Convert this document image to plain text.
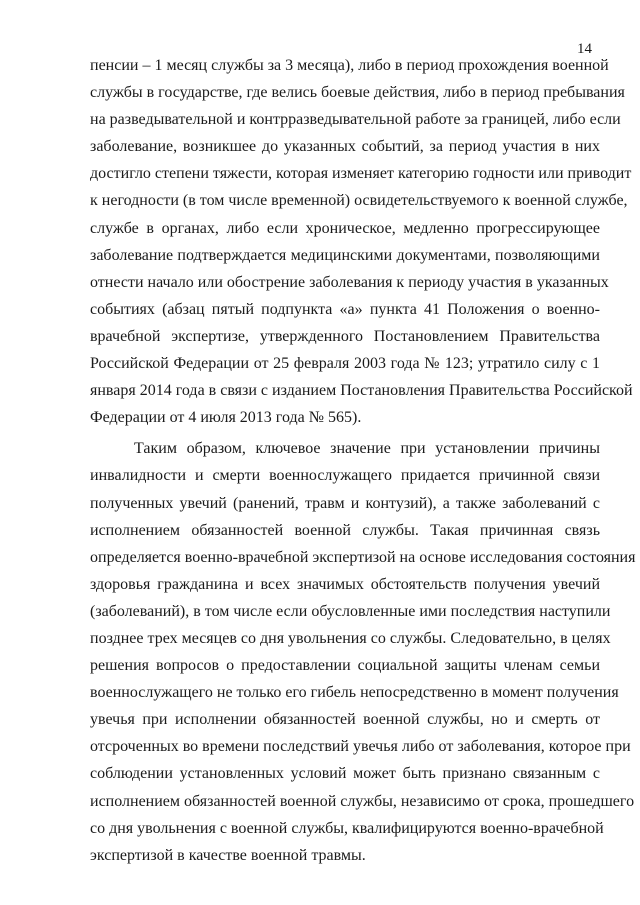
14
пенсии – 1 месяц службы за 3 месяца), либо в период прохождения военной
службы в государстве, где велись боевые действия, либо в период пребывания
на разведывательной и контрразведывательной работе за границей, либо если
заболевание, возникшее до указанных событий, за период участия в них
достигло степени тяжести, которая изменяет категорию годности или приводит
к негодности (в том числе временной) освидетельствуемого к военной службе,
службе в органах, либо если хроническое, медленно прогрессирующее
заболевание подтверждается медицинскими документами, позволяющими
отнести начало или обострение заболевания к периоду участия в указанных
событиях (абзац пятый подпункта «а» пункта 41 Положения о военно-
врачебной экспертизе, утвержденного Постановлением Правительства
Российской Федерации от 25 февраля 2003 года № 123; утратило силу с 1
января 2014 года в связи с изданием Постановления Правительства Российской
Федерации от 4 июля 2013 года № 565).
Таким образом, ключевое значение при установлении причины
инвалидности и смерти военнослужащего придается причинной связи
полученных увечий (ранений, травм и контузий), а также заболеваний с
исполнением обязанностей военной службы. Такая причинная связь
определяется военно-врачебной экспертизой на основе исследования состояния
здоровья гражданина и всех значимых обстоятельств получения увечий
(заболеваний), в том числе если обусловленные ими последствия наступили
позднее трех месяцев со дня увольнения со службы. Следовательно, в целях
решения вопросов о предоставлении социальной защиты членам семьи
военнослужащего не только его гибель непосредственно в момент получения
увечья при исполнении обязанностей военной службы, но и смерть от
отсроченных во времени последствий увечья либо от заболевания, которое при
соблюдении установленных условий может быть признано связанным с
исполнением обязанностей военной службы, независимо от срока, прошедшего
со дня увольнения с военной службы, квалифицируются военно-врачебной
экспертизой в качестве военной травмы.
